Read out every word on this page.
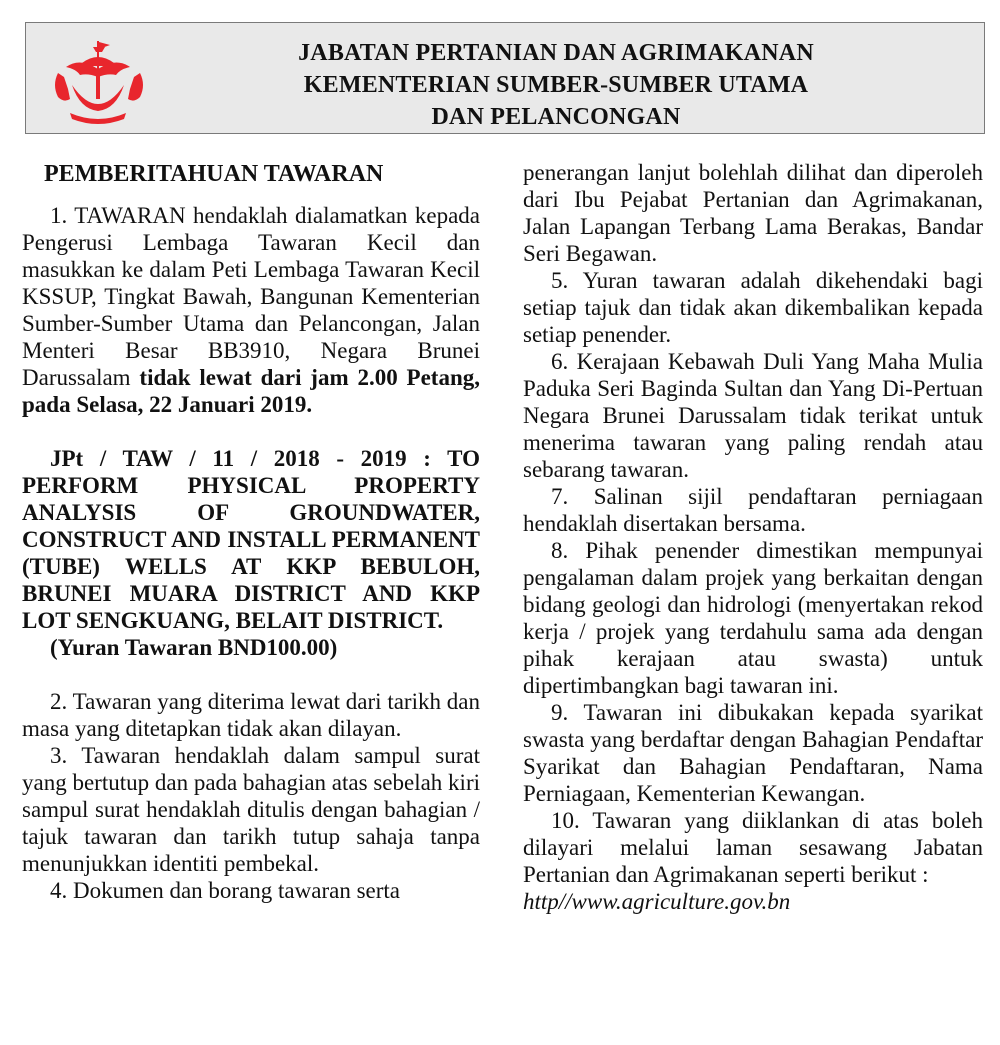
JABATAN PERTANIAN DAN AGRIMAKANAN
KEMENTERIAN SUMBER-SUMBER UTAMA
DAN PELANCONGAN
PEMBERITAHUAN TAWARAN

1. TAWARAN hendaklah dialamatkan kepada Pengerusi Lembaga Tawaran Kecil dan masukkan ke dalam Peti Lembaga Tawaran Kecil KSSUP, Tingkat Bawah, Bangunan Kementerian Sumber-Sumber Utama dan Pelancongan, Jalan Menteri Besar BB3910, Negara Brunei Darussalam tidak lewat dari jam 2.00 Petang, pada Selasa, 22 Januari 2019.

JPt / TAW / 11 / 2018 - 2019 : TO PERFORM PHYSICAL PROPERTY ANALYSIS OF GROUNDWATER, CONSTRUCT AND INSTALL PERMANENT (TUBE) WELLS AT KKP BEBULOH, BRUNEI MUARA DISTRICT AND KKP LOT SENGKUANG, BELAIT DISTRICT.

(Yuran Tawaran BND100.00)

2. Tawaran yang diterima lewat dari tarikh dan masa yang ditetapkan tidak akan dilayan.

3. Tawaran hendaklah dalam sampul surat yang bertutup dan pada bahagian atas sebelah kiri sampul surat hendaklah ditulis dengan bahagian / tajuk tawaran dan tarikh tutup sahaja tanpa menunjukkan identiti pembekal.

4. Dokumen dan borang tawaran serta

penerangan lanjut bolehlah dilihat dan diperoleh dari Ibu Pejabat Pertanian dan Agrimakanan, Jalan Lapangan Terbang Lama Berakas, Bandar Seri Begawan.

5. Yuran tawaran adalah dikehendaki bagi setiap tajuk dan tidak akan dikembalikan kepada setiap penender.

6. Kerajaan Kebawah Duli Yang Maha Mulia Paduka Seri Baginda Sultan dan Yang Di-Pertuan Negara Brunei Darussalam tidak terikat untuk menerima tawaran yang paling rendah atau sebarang tawaran.

7. Salinan sijil pendaftaran perniagaan hendaklah disertakan bersama.

8. Pihak penender dimestikan mempunyai pengalaman dalam projek yang berkaitan dengan bidang geologi dan hidrologi (menyertakan rekod kerja / projek yang terdahulu sama ada dengan pihak kerajaan atau swasta) untuk dipertimbangkan bagi tawaran ini.

9. Tawaran ini dibukakan kepada syarikat swasta yang berdaftar dengan Bahagian Pendaftar Syarikat dan Bahagian Pendaftaran, Nama Perniagaan, Kementerian Kewangan.

10. Tawaran yang diiklankan di atas boleh dilayari melalui laman sesawang Jabatan Pertanian dan Agrimakanan seperti berikut :

http//www.agriculture.gov.bn
